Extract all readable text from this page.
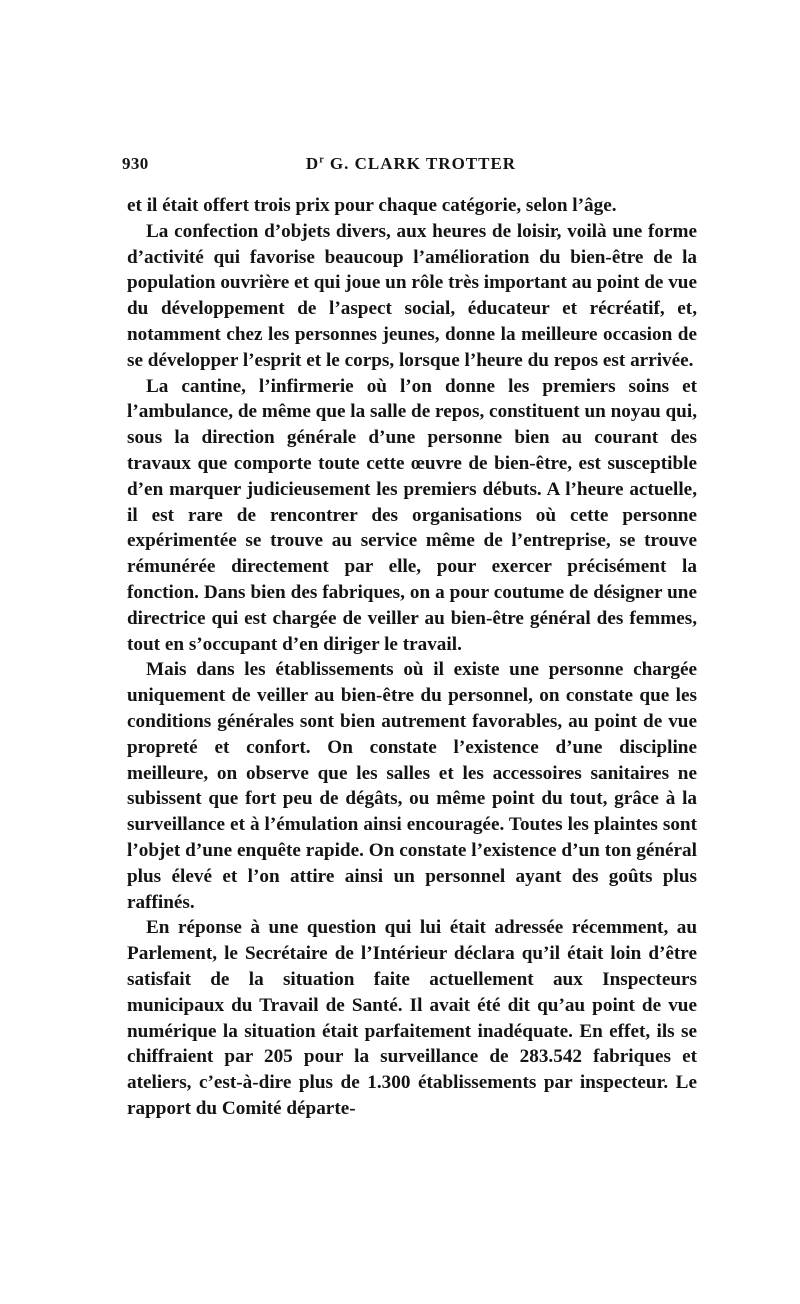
930	$D^r$ G. CLARK TROTTER

et il était offert trois prix pour chaque catégorie, selon l’âge.

La confection d’objets divers, aux heures de loisir, voilà une forme d’activité qui favorise beaucoup l’amélioration du bien-être de la population ouvrière et qui joue un rôle très important au point de vue du développement de l’aspect social, éducateur et récréatif, et, notamment chez les personnes jeunes, donne la meilleure occasion de se développer l’esprit et le corps, lorsque l’heure du repos est arrivée.

La cantine, l’infirmerie où l’on donne les premiers soins et l’ambulance, de même que la salle de repos, constituent un noyau qui, sous la direction générale d’une personne bien au courant des travaux que comporte toute cette œuvre de bien-être, est susceptible d’en marquer judicieusement les premiers débuts. A l’heure actuelle, il est rare de rencontrer des organisations où cette personne expérimentée se trouve au service même de l’entreprise, se trouve rémunérée directement par elle, pour exercer précisément la fonction. Dans bien des fabriques, on a pour coutume de désigner une directrice qui est chargée de veiller au bien-être général des femmes, tout en s’occupant d’en diriger le travail.

Mais dans les établissements où il existe une personne chargée uniquement de veiller au bien-être du personnel, on constate que les conditions générales sont bien autrement favorables, au point de vue propreté et confort. On constate l’existence d’une discipline meilleure, on observe que les salles et les accessoires sanitaires ne subissent que fort peu de dégâts, ou même point du tout, grâce à la surveillance et à l’émulation ainsi encouragée. Toutes les plaintes sont l’objet d’une enquête rapide. On constate l’existence d’un ton général plus élevé et l’on attire ainsi un personnel ayant des goûts plus raffinés.

En réponse à une question qui lui était adressée récemment, au Parlement, le Secrétaire de l’Intérieur déclara qu’il était loin d’être satisfait de la situation faite actuellement aux Inspecteurs municipaux du Travail de Santé. Il avait été dit qu’au point de vue numérique la situation était parfaitement inadéquate. En effet, ils se chiffraient par 205 pour la surveillance de 283.542 fabriques et ateliers, c’est-à-dire plus de 1.300 établissements par inspecteur. Le rapport du Comité départe-
